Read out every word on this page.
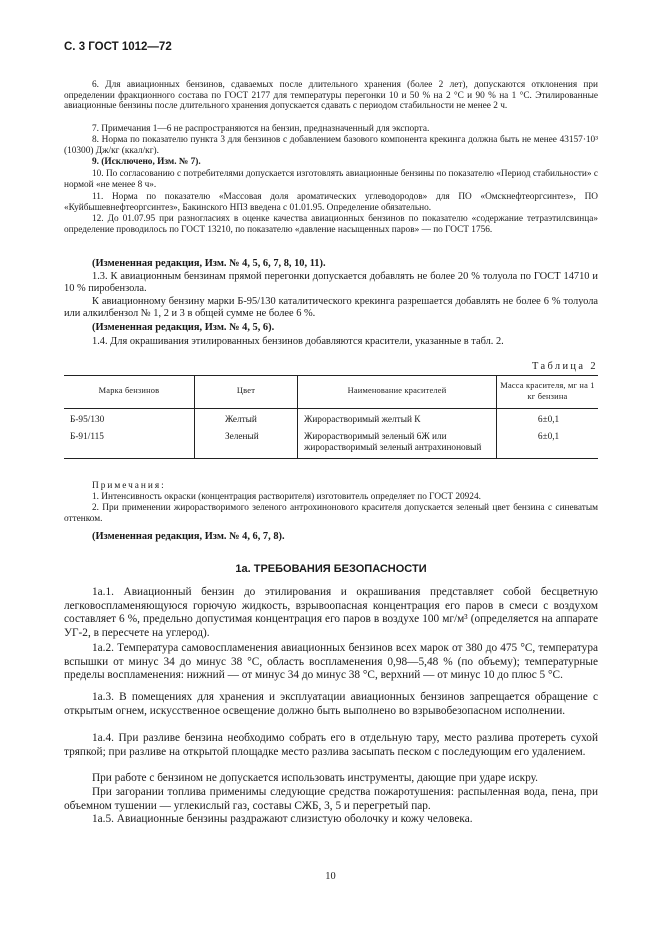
С. 3 ГОСТ 1012—72

6. Для авиационных бензинов, сдаваемых после длительного хранения (более 2 лет), допускаются отклонения при определении фракционного состава по ГОСТ 2177 для температуры перегонки 10 и 50 % на 2 °С и 90 % на 1 °С. Этилированные авиационные бензины после длительного хранения допускается сдавать с периодом стабильности не менее 2 ч.

7. Примечания 1—6 не распространяются на бензин, предназначенный для экспорта.

8. Норма по показателю пункта 3 для бензинов с добавлением базового компонента крекинга должна быть не менее 43157·10³ (10300) Дж/кг (ккал/кг).

9. (Исключено, Изм. № 7).

10. По согласованию с потребителями допускается изготовлять авиационные бензины по показателю «Период стабильности» с нормой «не менее 8 ч».

11. Норма по показателю «Массовая доля ароматических углеводородов» для ПО «Омскнефтеоргсинтез», ПО «Куйбышевнефтеоргсинтез», Бакинского НПЗ введена с 01.01.95. Определение обязательно.

12. До 01.07.95 при разногласиях в оценке качества авиационных бензинов по показателю «содержание тетраэтилсвинца» определение проводилось по ГОСТ 13210, по показателю «давление насыщенных паров» — по ГОСТ 1756.

(Измененная редакция, Изм. № 4, 5, 6, 7, 8, 10, 11).

1.3. К авиационным бензинам прямой перегонки допускается добавлять не более 20 % толуола по ГОСТ 14710 и 10 % пиробензола.

К авиационному бензину марки Б-95/130 каталитического крекинга разрешается добавлять не более 6 % толуола или алкилбензол № 1, 2 и 3 в общей сумме не более 6 %.

(Измененная редакция, Изм. № 4, 5, 6).

1.4. Для окрашивания этилированных бензинов добавляются красители, указанные в табл. 2.

Таблица 2
Марка бензинов	Цвет	Наименование красителей	Масса красителя, мг на 1 кг бензина
Б-95/130	Желтый	Жирорастворимый желтый К	6±0,1
Б-91/115	Зеленый	Жирорастворимый зеленый 6Ж или жирорастворимый зеленый антрахиноновый	6±0,1

Примечания:

1. Интенсивность окраски (концентрация растворителя) изготовитель определяет по ГОСТ 20924.

2. При применении жирорастворимого зеленого антрохинонового красителя допускается зеленый цвет бензина с синеватым оттенком.

(Измененная редакция, Изм. № 4, 6, 7, 8).

1а. ТРЕБОВАНИЯ БЕЗОПАСНОСТИ

1а.1. Авиационный бензин до этилирования и окрашивания представляет собой бесцветную легковоспламеняющуюся горючую жидкость, взрывоопасная концентрация его паров в смеси с воздухом составляет 6 %, предельно допустимая концентрация его паров в воздухе 100 мг/м³ (определяется на аппарате УГ-2, в пересчете на углерод).

1а.2. Температура самовоспламенения авиационных бензинов всех марок от 380 до 475 °С, температура вспышки от минус 34 до минус 38 °С, область воспламенения 0,98—5,48 % (по объему); температурные пределы воспламенения: нижний — от минус 34 до минус 38 °С, верхний — от минус 10 до плюс 5 °С.

1а.3. В помещениях для хранения и эксплуатации авиационных бензинов запрещается обращение с открытым огнем, искусственное освещение должно быть выполнено во взрывобезопасном исполнении.

1а.4. При разливе бензина необходимо собрать его в отдельную тару, место разлива протереть сухой тряпкой; при разливе на открытой площадке место разлива засыпать песком с последующим его удалением.

При работе с бензином не допускается использовать инструменты, дающие при ударе искру.

При загорании топлива применимы следующие средства пожаротушения: распыленная вода, пена, при объемном тушении — углекислый газ, составы СЖБ, 3, 5 и перегретый пар.

1а.5. Авиационные бензины раздражают слизистую оболочку и кожу человека.

10
